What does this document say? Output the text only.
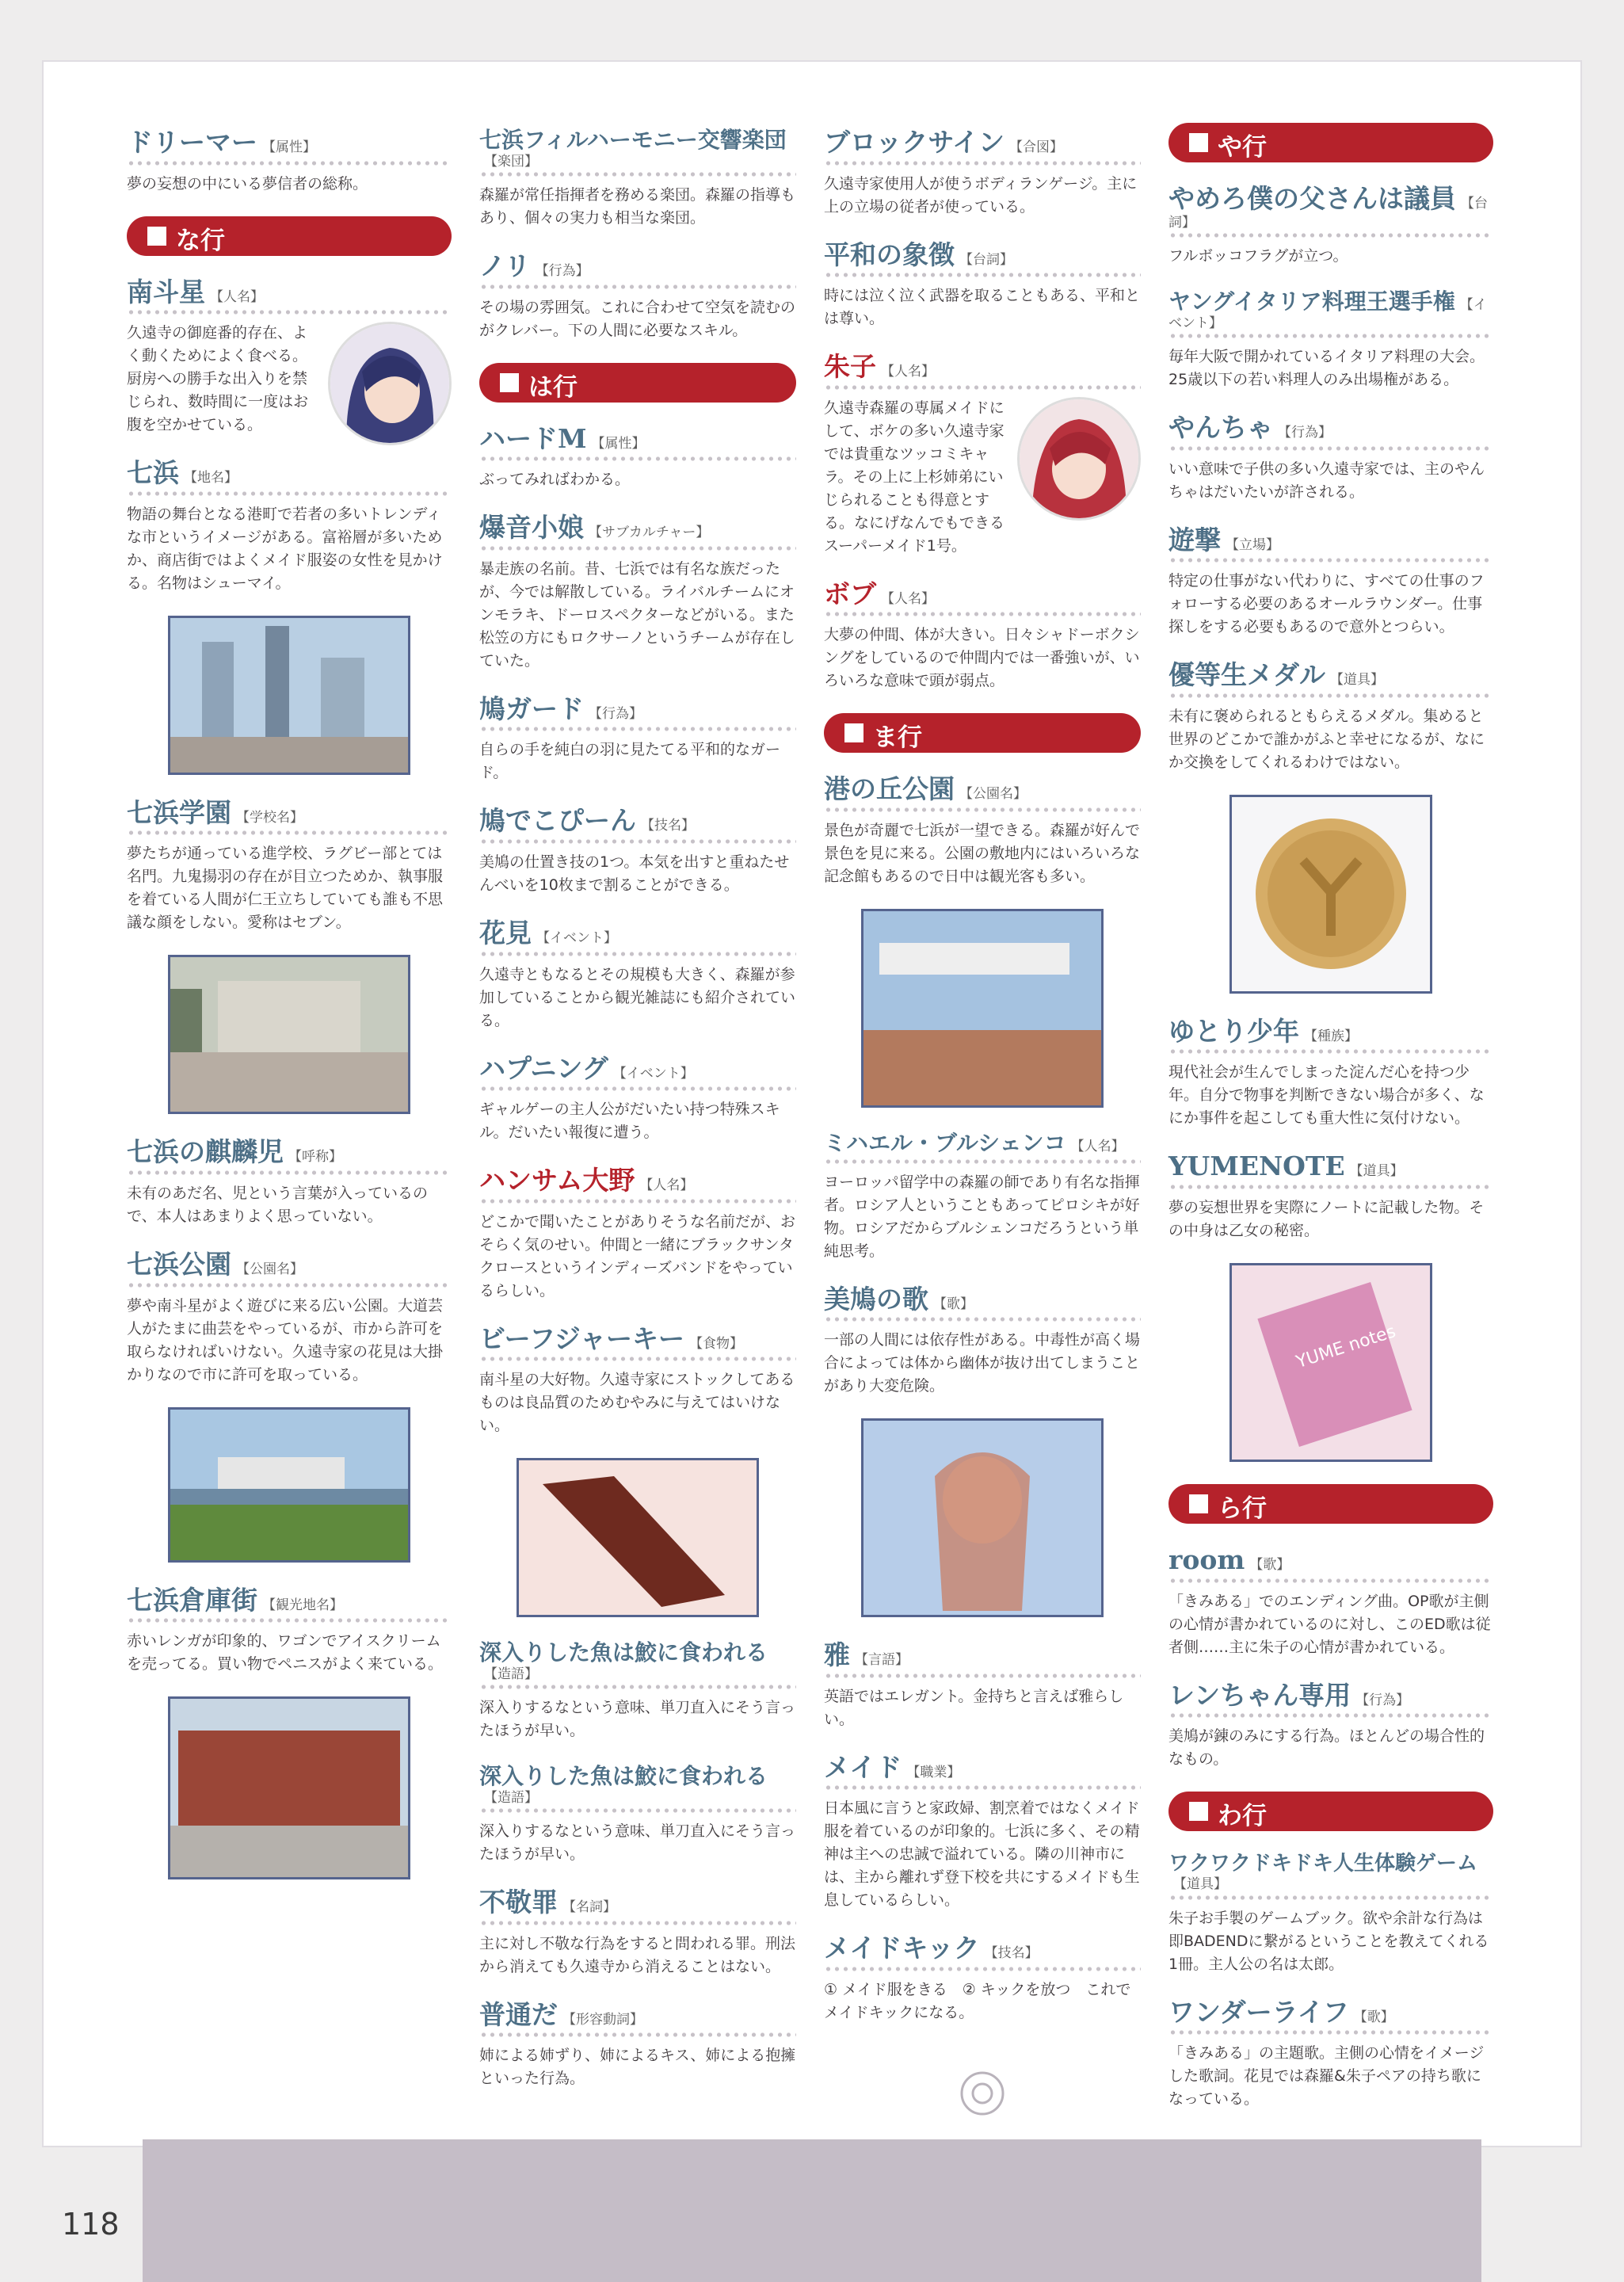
ドリーマー 【属性】
夢の妄想の中にいる夢信者の総称。
な行
南斗星 【人名】
久遠寺の御庭番的存在、よく動くためによく食べる。厨房への勝手な出入りを禁じられ、数時間に一度はお腹を空かせている。
七浜 【地名】
物語の舞台となる港町で若者の多いトレンディな市というイメージがある。富裕層が多いためか、商店街ではよくメイド服姿の女性を見かける。名物はシューマイ。
七浜学園 【学校名】
夢たちが通っている進学校、ラグビー部とては名門。九鬼揚羽の存在が目立つためか、執事服を着ている人間が仁王立ちしていても誰も不思議な顔をしない。愛称はセブン。
七浜の麒麟児 【呼称】
未有のあだ名、児という言葉が入っているので、本人はあまりよく思っていない。
七浜公園 【公園名】
夢や南斗星がよく遊びに来る広い公園。大道芸人がたまに曲芸をやっているが、市から許可を取らなければいけない。久遠寺家の花見は大掛かりなので市に許可を取っている。
七浜倉庫街 【観光地名】
赤いレンガが印象的、ワゴンでアイスクリームを売ってる。買い物でペニスがよく来ている。
七浜フィルハーモニー交響楽団【楽団】
森羅が常任指揮者を務める楽団。森羅の指導もあり、個々の実力も相当な楽団。
ノリ 【行為】
その場の雰囲気。これに合わせて空気を読むのがクレバー。下の人間に必要なスキル。
は行
ハードM 【属性】
ぶってみればわかる。
爆音小娘 【サブカルチャー】
暴走族の名前。昔、七浜では有名な族だったが、今では解散している。ライバルチームにオンモラキ、ドーロスペクターなどがいる。また松笠の方にもロクサーノというチームが存在していた。
鳩ガード 【行為】
自らの手を純白の羽に見たてる平和的なガード。
鳩でこぴーん 【技名】
美鳩の仕置き技の1つ。本気を出すと重ねたせんべいを10枚まで割ることができる。
花見 【イベント】
久遠寺ともなるとその規模も大きく、森羅が参加していることから観光雑誌にも紹介されている。
ハプニング 【イベント】
ギャルゲーの主人公がだいたい持つ特殊スキル。だいたい報復に遭う。
ハンサム大野 【人名】
どこかで聞いたことがありそうな名前だが、おそらく気のせい。仲間と一緒にブラックサンタクロースというインディーズバンドをやっているらしい。
ビーフジャーキー 【食物】
南斗星の大好物。久遠寺家にストックしてあるものは良品質のためむやみに与えてはいけない。
深入りした魚は鮫に食われる【造語】
深入りするなという意味、単刀直入にそう言ったほうが早い。
深入りした魚は鮫に食われる【造語】
深入りするなという意味、単刀直入にそう言ったほうが早い。
不敬罪 【名詞】
主に対し不敬な行為をすると問われる罪。刑法から消えても久遠寺から消えることはない。
普通だ 【形容動詞】
姉による姉ずり、姉によるキス、姉による抱擁といった行為。
ブロックサイン 【合図】
久遠寺家使用人が使うボディランゲージ。主に上の立場の従者が使っている。
平和の象徴 【台詞】
時には泣く泣く武器を取ることもある、平和とは尊い。
朱子 【人名】
久遠寺森羅の専属メイドにして、ボケの多い久遠寺家では貴重なツッコミキャラ。その上に上杉姉弟にいじられることも得意とする。なにげなんでもできるスーパーメイド1号。
ボブ 【人名】
大夢の仲間、体が大きい。日々シャドーボクシングをしているので仲間内では一番強いが、いろいろな意味で頭が弱点。
ま行
港の丘公園 【公園名】
景色が奇麗で七浜が一望できる。森羅が好んで景色を見に来る。公園の敷地内にはいろいろな記念館もあるので日中は観光客も多い。
ミハエル・ブルシェンコ 【人名】
ヨーロッパ留学中の森羅の師であり有名な指揮者。ロシア人ということもあってピロシキが好物。ロシアだからブルシェンコだろうという単純思考。
美鳩の歌 【歌】
一部の人間には依存性がある。中毒性が高く場合によっては体から幽体が抜け出てしまうことがあり大変危険。
雅 【言語】
英語ではエレガント。金持ちと言えば雅らしい。
メイド 【職業】
日本風に言うと家政婦、割烹着ではなくメイド服を着ているのが印象的。七浜に多く、その精神は主への忠誠で溢れている。隣の川神市には、主から離れず登下校を共にするメイドも生息しているらしい。
メイドキック 【技名】
① メイド服をきる　② キックを放つ　これでメイドキックになる。
や行
やめろ僕の父さんは議員 【台詞】
フルボッコフラグが立つ。
ヤングイタリア料理王選手権 【イベント】
毎年大阪で開かれているイタリア料理の大会。25歳以下の若い料理人のみ出場権がある。
やんちゃ 【行為】
いい意味で子供の多い久遠寺家では、主のやんちゃはだいたいが許される。
遊撃 【立場】
特定の仕事がない代わりに、すべての仕事のフォローする必要のあるオールラウンダー。仕事探しをする必要もあるので意外とつらい。
優等生メダル 【道具】
未有に褒められるともらえるメダル。集めると世界のどこかで誰かがふと幸せになるが、なにか交換をしてくれるわけではない。
ゆとり少年 【種族】
現代社会が生んでしまった淀んだ心を持つ少年。自分で物事を判断できない場合が多く、なにか事件を起こしても重大性に気付けない。
YUMENOTE 【道具】
夢の妄想世界を実際にノートに記載した物。その中身は乙女の秘密。
YUME notes
ら行
room 【歌】
「きみある」でのエンディング曲。OP歌が主側の心情が書かれているのに対し、このED歌は従者側……主に朱子の心情が書かれている。
レンちゃん専用 【行為】
美鳩が錬のみにする行為。ほとんどの場合性的なもの。
わ行
ワクワクドキドキ人生体験ゲーム【道具】
朱子お手製のゲームブック。欲や余計な行為は即BADENDに繋がるということを教えてくれる1冊。主人公の名は太郎。
ワンダーライフ 【歌】
「きみある」の主題歌。主側の心情をイメージした歌詞。花見では森羅&朱子ペアの持ち歌になっている。
118
